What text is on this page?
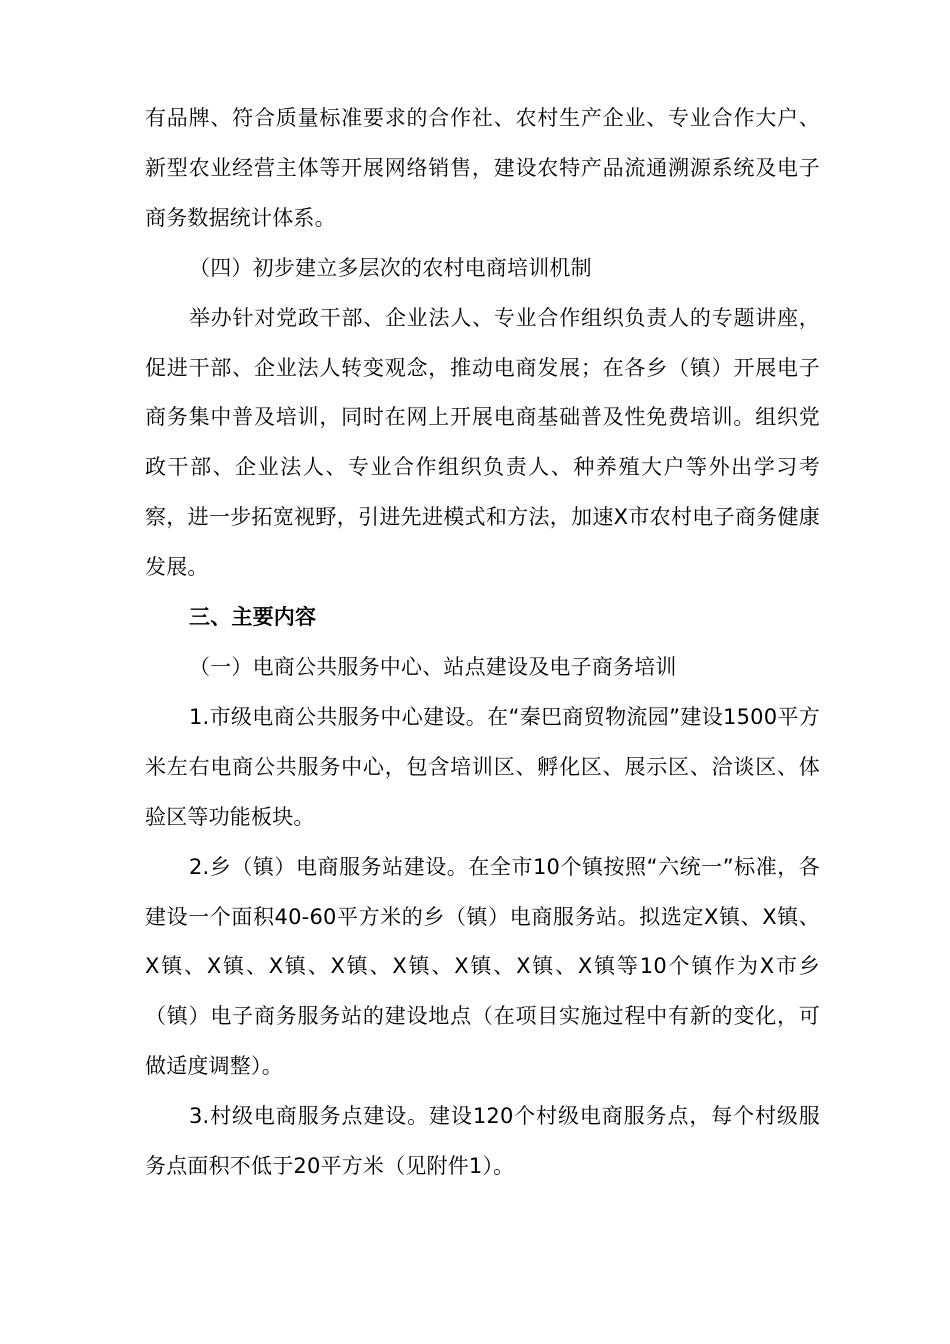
有品牌、符合质量标准要求的合作社、农村生产企业、专业合作大户、新型农业经营主体等开展网络销售，建设农特产品流通溯源系统及电子商务数据统计体系。

（四）初步建立多层次的农村电商培训机制

举办针对党政干部、企业法人、专业合作组织负责人的专题讲座，促进干部、企业法人转变观念，推动电商发展；在各乡（镇）开展电子商务集中普及培训，同时在网上开展电商基础普及性免费培训。组织党政干部、企业法人、专业合作组织负责人、种养殖大户等外出学习考察，进一步拓宽视野，引进先进模式和方法，加速X市农村电子商务健康发展。

三、主要内容

（一）电商公共服务中心、站点建设及电子商务培训

1.市级电商公共服务中心建设。在“秦巴商贸物流园”建设1500平方米左右电商公共服务中心，包含培训区、孵化区、展示区、洽谈区、体验区等功能板块。

2.乡（镇）电商服务站建设。在全市10个镇按照“六统一”标准，各建设一个面积40-60平方米的乡（镇）电商服务站。拟选定X镇、X镇、X镇、X镇、X镇、X镇、X镇、X镇、X镇、X镇等10个镇作为X市乡（镇）电子商务服务站的建设地点（在项目实施过程中有新的变化，可做适度调整）。

3.村级电商服务点建设。建设120个村级电商服务点，每个村级服务点面积不低于20平方米（见附件1）。
